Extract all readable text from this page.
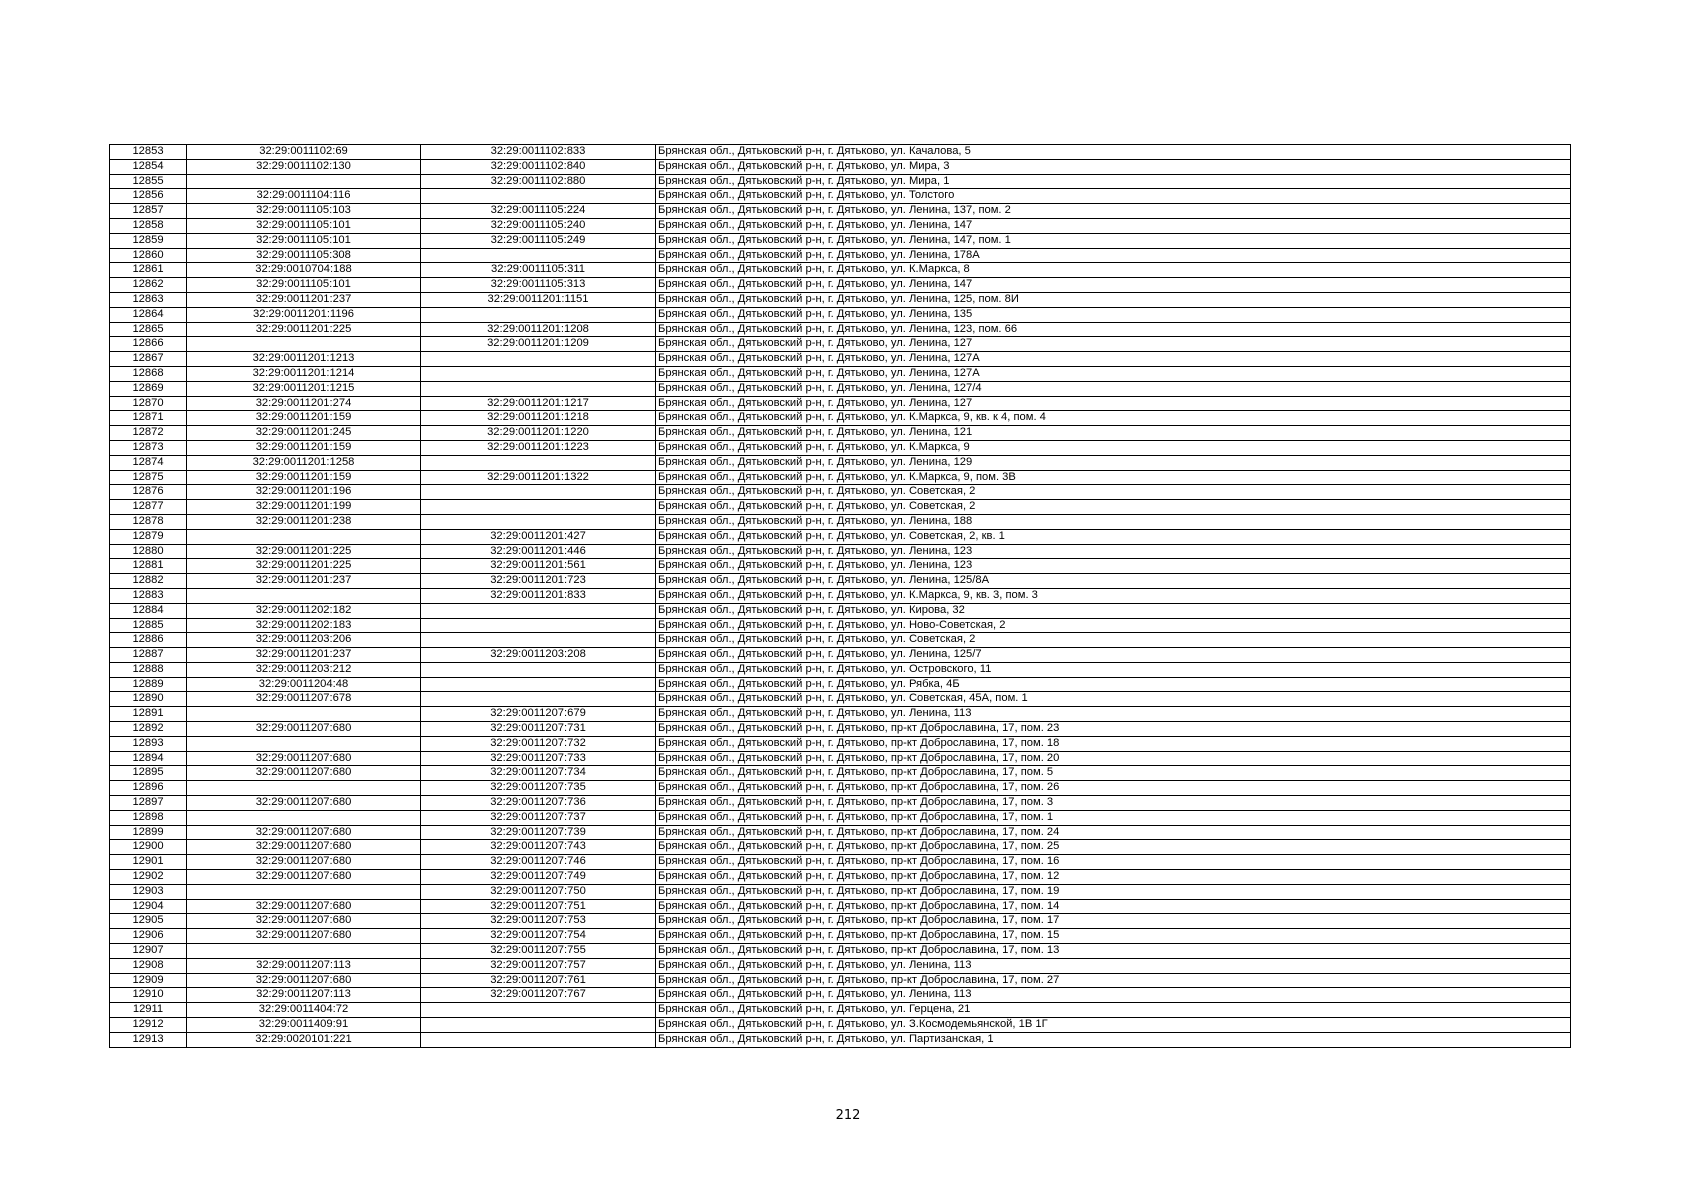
12853	32:29:0011102:69	32:29:0011102:833	Брянская обл., Дятьковский р-н, г. Дятьково, ул. Качалова, 5
12854	32:29:0011102:130	32:29:0011102:840	Брянская обл., Дятьковский р-н, г. Дятьково, ул. Мира, 3
12855		32:29:0011102:880	Брянская обл., Дятьковский р-н, г. Дятьково, ул. Мира, 1
12856	32:29:0011104:116		Брянская обл., Дятьковский р-н, г. Дятьково, ул. Толстого
12857	32:29:0011105:103	32:29:0011105:224	Брянская обл., Дятьковский р-н, г. Дятьково, ул. Ленина, 137, пом. 2
12858	32:29:0011105:101	32:29:0011105:240	Брянская обл., Дятьковский р-н, г. Дятьково, ул. Ленина, 147
12859	32:29:0011105:101	32:29:0011105:249	Брянская обл., Дятьковский р-н, г. Дятьково, ул. Ленина, 147, пом. 1
12860	32:29:0011105:308		Брянская обл., Дятьковский р-н, г. Дятьково, ул. Ленина, 178А
12861	32:29:0010704:188	32:29:0011105:311	Брянская обл., Дятьковский р-н, г. Дятьково, ул. К.Маркса, 8
12862	32:29:0011105:101	32:29:0011105:313	Брянская обл., Дятьковский р-н, г. Дятьково, ул. Ленина, 147
12863	32:29:0011201:237	32:29:0011201:1151	Брянская обл., Дятьковский р-н, г. Дятьково, ул. Ленина, 125, пом. 8И
12864	32:29:0011201:1196		Брянская обл., Дятьковский р-н, г. Дятьково, ул. Ленина, 135
12865	32:29:0011201:225	32:29:0011201:1208	Брянская обл., Дятьковский р-н, г. Дятьково, ул. Ленина, 123, пом. 66
12866		32:29:0011201:1209	Брянская обл., Дятьковский р-н, г. Дятьково, ул. Ленина, 127
12867	32:29:0011201:1213		Брянская обл., Дятьковский р-н, г. Дятьково, ул. Ленина, 127А
12868	32:29:0011201:1214		Брянская обл., Дятьковский р-н, г. Дятьково, ул. Ленина, 127А
12869	32:29:0011201:1215		Брянская обл., Дятьковский р-н, г. Дятьково, ул. Ленина, 127/4
12870	32:29:0011201:274	32:29:0011201:1217	Брянская обл., Дятьковский р-н, г. Дятьково, ул. Ленина, 127
12871	32:29:0011201:159	32:29:0011201:1218	Брянская обл., Дятьковский р-н, г. Дятьково, ул. К.Маркса, 9, кв. к 4, пом. 4
12872	32:29:0011201:245	32:29:0011201:1220	Брянская обл., Дятьковский р-н, г. Дятьково, ул. Ленина, 121
12873	32:29:0011201:159	32:29:0011201:1223	Брянская обл., Дятьковский р-н, г. Дятьково, ул. К.Маркса, 9
12874	32:29:0011201:1258		Брянская обл., Дятьковский р-н, г. Дятьково, ул. Ленина, 129
12875	32:29:0011201:159	32:29:0011201:1322	Брянская обл., Дятьковский р-н, г. Дятьково, ул. К.Маркса, 9, пом. 3В
12876	32:29:0011201:196		Брянская обл., Дятьковский р-н, г. Дятьково, ул. Советская, 2
12877	32:29:0011201:199		Брянская обл., Дятьковский р-н, г. Дятьково, ул. Советская, 2
12878	32:29:0011201:238		Брянская обл., Дятьковский р-н, г. Дятьково, ул. Ленина, 188
12879		32:29:0011201:427	Брянская обл., Дятьковский р-н, г. Дятьково, ул. Советская, 2, кв. 1
12880	32:29:0011201:225	32:29:0011201:446	Брянская обл., Дятьковский р-н, г. Дятьково, ул. Ленина, 123
12881	32:29:0011201:225	32:29:0011201:561	Брянская обл., Дятьковский р-н, г. Дятьково, ул. Ленина, 123
12882	32:29:0011201:237	32:29:0011201:723	Брянская обл., Дятьковский р-н, г. Дятьково, ул. Ленина, 125/8А
12883		32:29:0011201:833	Брянская обл., Дятьковский р-н, г. Дятьково, ул. К.Маркса, 9, кв. 3, пом. 3
12884	32:29:0011202:182		Брянская обл., Дятьковский р-н, г. Дятьково, ул. Кирова, 32
12885	32:29:0011202:183		Брянская обл., Дятьковский р-н, г. Дятьково, ул. Ново-Советская, 2
12886	32:29:0011203:206		Брянская обл., Дятьковский р-н, г. Дятьково, ул. Советская, 2
12887	32:29:0011201:237	32:29:0011203:208	Брянская обл., Дятьковский р-н, г. Дятьково, ул. Ленина, 125/7
12888	32:29:0011203:212		Брянская обл., Дятьковский р-н, г. Дятьково, ул. Островского, 11
12889	32:29:0011204:48		Брянская обл., Дятьковский р-н, г. Дятьково, ул. Рябка, 4Б
12890	32:29:0011207:678		Брянская обл., Дятьковский р-н, г. Дятьково, ул. Советская, 45А, пом. 1
12891		32:29:0011207:679	Брянская обл., Дятьковский р-н, г. Дятьково, ул. Ленина, 113
12892	32:29:0011207:680	32:29:0011207:731	Брянская обл., Дятьковский р-н, г. Дятьково, пр-кт Доброславина, 17, пом. 23
12893		32:29:0011207:732	Брянская обл., Дятьковский р-н, г. Дятьково, пр-кт Доброславина, 17, пом. 18
12894	32:29:0011207:680	32:29:0011207:733	Брянская обл., Дятьковский р-н, г. Дятьково, пр-кт Доброславина, 17, пом. 20
12895	32:29:0011207:680	32:29:0011207:734	Брянская обл., Дятьковский р-н, г. Дятьково, пр-кт Доброславина, 17, пом. 5
12896		32:29:0011207:735	Брянская обл., Дятьковский р-н, г. Дятьково, пр-кт Доброславина, 17, пом. 26
12897	32:29:0011207:680	32:29:0011207:736	Брянская обл., Дятьковский р-н, г. Дятьково, пр-кт Доброславина, 17, пом. 3
12898		32:29:0011207:737	Брянская обл., Дятьковский р-н, г. Дятьково, пр-кт Доброславина, 17, пом. 1
12899	32:29:0011207:680	32:29:0011207:739	Брянская обл., Дятьковский р-н, г. Дятьково, пр-кт Доброславина, 17, пом. 24
12900	32:29:0011207:680	32:29:0011207:743	Брянская обл., Дятьковский р-н, г. Дятьково, пр-кт Доброславина, 17, пом. 25
12901	32:29:0011207:680	32:29:0011207:746	Брянская обл., Дятьковский р-н, г. Дятьково, пр-кт Доброславина, 17, пом. 16
12902	32:29:0011207:680	32:29:0011207:749	Брянская обл., Дятьковский р-н, г. Дятьково, пр-кт Доброславина, 17, пом. 12
12903		32:29:0011207:750	Брянская обл., Дятьковский р-н, г. Дятьково, пр-кт Доброславина, 17, пом. 19
12904	32:29:0011207:680	32:29:0011207:751	Брянская обл., Дятьковский р-н, г. Дятьково, пр-кт Доброславина, 17, пом. 14
12905	32:29:0011207:680	32:29:0011207:753	Брянская обл., Дятьковский р-н, г. Дятьково, пр-кт Доброславина, 17, пом. 17
12906	32:29:0011207:680	32:29:0011207:754	Брянская обл., Дятьковский р-н, г. Дятьково, пр-кт Доброславина, 17, пом. 15
12907		32:29:0011207:755	Брянская обл., Дятьковский р-н, г. Дятьково, пр-кт Доброславина, 17, пом. 13
12908	32:29:0011207:113	32:29:0011207:757	Брянская обл., Дятьковский р-н, г. Дятьково, ул. Ленина, 113
12909	32:29:0011207:680	32:29:0011207:761	Брянская обл., Дятьковский р-н, г. Дятьково, пр-кт Доброславина, 17, пом. 27
12910	32:29:0011207:113	32:29:0011207:767	Брянская обл., Дятьковский р-н, г. Дятьково, ул. Ленина, 113
12911	32:29:0011404:72		Брянская обл., Дятьковский р-н, г. Дятьково, ул. Герцена, 21
12912	32:29:0011409:91		Брянская обл., Дятьковский р-н, г. Дятьково, ул. З.Космодемьянской, 1В 1Г
12913	32:29:0020101:221		Брянская обл., Дятьковский р-н, г. Дятьково, ул. Партизанская, 1
212
